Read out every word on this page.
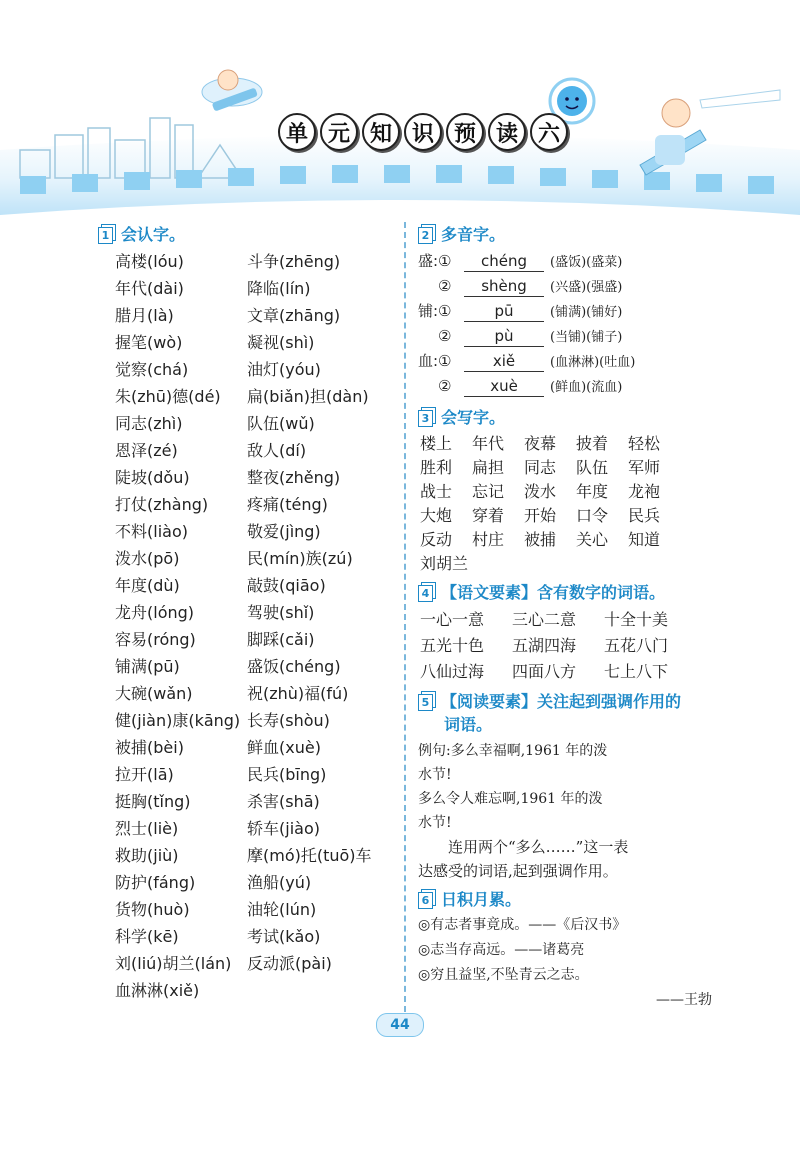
单 元 知 识 预 读 六
1 会认字。
高楼(lóu)	斗争(zhēng)
年代(dài)	降临(lín)
腊月(là)	文章(zhāng)
握笔(wò)	凝视(shì)
觉察(chá)	油灯(yóu)
朱(zhū)德(dé)	扁(biǎn)担(dàn)
同志(zhì)	队伍(wǔ)
恩泽(zé)	敌人(dí)
陡坡(dǒu)	整夜(zhěng)
打仗(zhàng)	疼痛(téng)
不料(liào)	敬爱(jìng)
泼水(pō)	民(mín)族(zú)
年度(dù)	敲鼓(qiāo)
龙舟(lóng)	驾驶(shǐ)
容易(róng)	脚踩(cǎi)
铺满(pū)	盛饭(chéng)
大碗(wǎn)	祝(zhù)福(fú)
健(jiàn)康(kāng) 长寿(shòu)
被捕(bèi)	鲜血(xuè)
拉开(lā)	民兵(bīng)
挺胸(tǐng)	杀害(shā)
烈士(liè)	轿车(jiào)
救助(jiù)	摩(mó)托(tuō)车
防护(fáng)	渔船(yú)
货物(huò)	油轮(lún)
科学(kē)	考试(kǎo)
刘(liú)胡兰(lán) 反动派(pài)
血淋淋(xiě)
2 多音字。
盛:① chéng (盛饭)(盛菜)
② shèng (兴盛)(强盛)
铺:①	pū	(铺满)(铺好)
②	pù	(当铺)(铺子)
血:①	xiě	(血淋淋)(吐血)
②	xuè (鲜血)(流血)
3 会写字。
楼上	年代	夜幕	披着	轻松
胜利	扁担	同志	队伍	军师
战士	忘记	泼水	年度	龙袍
大炮	穿着	开始	口令	民兵
反动	村庄	被捕	关心	知道
刘胡兰
4 【语文要素】含有数字的词语。
一心一意	三心二意	十全十美
五光十色	五湖四海	五花八门
八仙过海	四面八方	七上八下
5 【阅读要素】关注起到强调作用的
词语。
例句:多么幸福啊,1961 年的泼
水节!
多么令人难忘啊,1961 年的泼
水节!
连用两个“多么……”这一表
达感受的词语,起到强调作用。
6 日积月累。
◎有志者事竟成。——《后汉书》
◎志当存高远。——诸葛亮
◎穷且益坚,不坠青云之志。
——王勃
44
